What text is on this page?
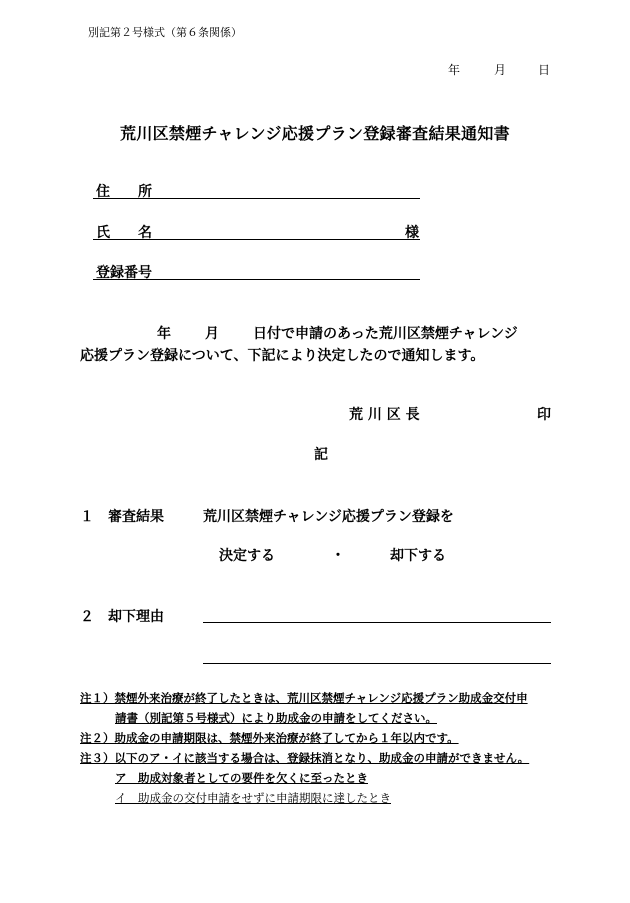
別記第２号様式（第６条関係）
年	月	日
荒川区禁煙チャレンジ応援プラン登録審査結果通知書
住　　所
氏　　名	様
登録番号
年 月 日付で申請のあった荒川区禁煙チャレンジ
応援プラン登録について、下記により決定したので通知します。
荒 川 区 長	印
記
１ 審査結果	荒川区禁煙チャレンジ応援プラン登録を
決定する	・	却下する
２ 却下理由
注１）禁煙外来治療が終了したときは、荒川区禁煙チャレンジ応援プラン助成金交付申
請書（別記第５号様式）により助成金の申請をしてください。
注２）助成金の申請期限は、禁煙外来治療が終了してから１年以内です。
注３）以下のア・イに該当する場合は、登録抹消となり、助成金の申請ができません。
ア　助成対象者としての要件を欠くに至ったとき
イ　助成金の交付申請をせずに申請期限に達したとき
